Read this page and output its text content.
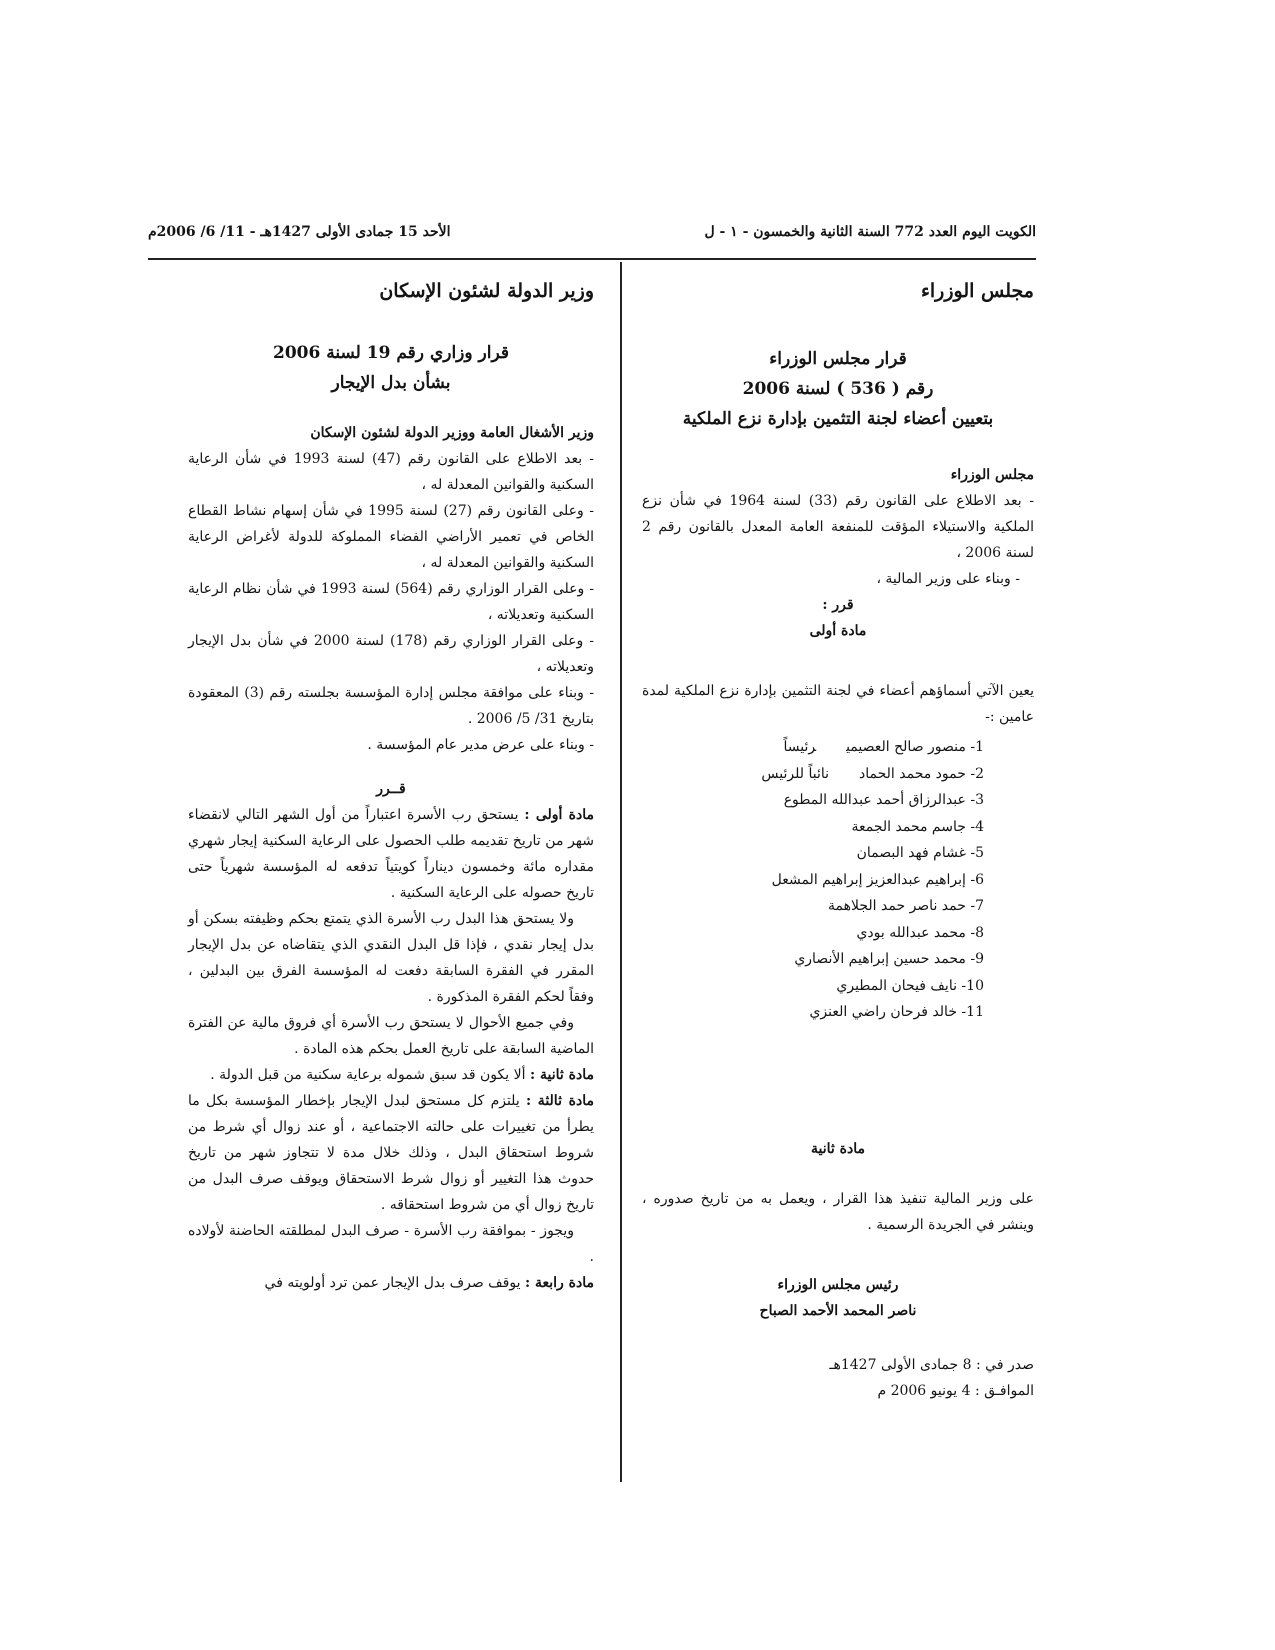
الكويت اليوم العدد 772 السنة الثانية والخمسون - ١ - ل
الأحد 15 جمادى الأولى 1427هـ - 11/ 6/ 2006م
مجلس الوزراء
قرار مجلس الوزراء
رقم ( 536 ) لسنة 2006
بتعيين أعضاء لجنة التثمين بإدارة نزع الملكية
مجلس الوزراء
- بعد الاطلاع على القانون رقم (33) لسنة 1964 في شأن نزع الملكية والاستيلاء المؤقت للمنفعة العامة المعدل بالقانون رقم 2 لسنة 2006 ،
- وبناء على وزير المالية ،
قرر :
مادة أولى
يعين الآتي أسماؤهم أعضاء في لجنة التثمين بإدارة نزع الملكية لمدة عامين :-
1- منصور صالح العصيميرئيساً
2- حمود محمد الحمادنائباً للرئيس
3- عبدالرزاق أحمد عبدالله المطوع
4- جاسم محمد الجمعة
5- غشام فهد البصمان
6- إبراهيم عبدالعزيز إبراهيم المشعل
7- حمد ناصر حمد الجلاهمة
8- محمد عبدالله بودي
9- محمد حسين إبراهيم الأنصاري
10- نايف فيحان المطيري
11- خالد فرحان راضي العنزي
مادة ثانية
على وزير المالية تنفيذ هذا القرار ، ويعمل به من تاريخ صدوره ، وينشر في الجريدة الرسمية .
رئيس مجلس الوزراء
ناصر المحمد الأحمد الصباح
صدر في : 8 جمادى الأولى 1427هـ
الموافـق : 4 يونيو 2006 م
وزير الدولة لشئون الإسكان
قرار وزاري رقم 19 لسنة 2006
بشأن بدل الإيجار
وزير الأشغال العامة ووزير الدولة لشئون الإسكان
- بعد الاطلاع على القانون رقم (47) لسنة 1993 في شأن الرعاية السكنية والقوانين المعدلة له ،
- وعلى القانون رقم (27) لسنة 1995 في شأن إسهام نشاط القطاع الخاص في تعمير الأراضي الفضاء المملوكة للدولة لأغراض الرعاية السكنية والقوانين المعدلة له ،
- وعلى القرار الوزاري رقم (564) لسنة 1993 في شأن نظام الرعاية السكنية وتعديلاته ،
- وعلى القرار الوزاري رقم (178) لسنة 2000 في شأن بدل الإيجار وتعديلاته ،
- وبناء على موافقة مجلس إدارة المؤسسة بجلسته رقم (3) المعقودة بتاريخ 31/ 5/ 2006 .
- وبناء على عرض مدير عام المؤسسة .
قــرر
مادة أولى : يستحق رب الأسرة اعتباراً من أول الشهر التالي لانقضاء شهر من تاريخ تقديمه طلب الحصول على الرعاية السكنية إيجار شهري مقداره مائة وخمسون ديناراً كويتياً تدفعه له المؤسسة شهرياً حتى تاريخ حصوله على الرعاية السكنية .
ولا يستحق هذا البدل رب الأسرة الذي يتمتع بحكم وظيفته بسكن أو بدل إيجار نقدي ، فإذا قل البدل النقدي الذي يتقاضاه عن بدل الإيجار المقرر في الفقرة السابقة دفعت له المؤسسة الفرق بين البدلين ، وفقاً لحكم الفقرة المذكورة .
وفي جميع الأحوال لا يستحق رب الأسرة أي فروق مالية عن الفترة الماضية السابقة على تاريخ العمل بحكم هذه المادة .
مادة ثانية : ألا يكون قد سبق شموله برعاية سكنية من قبل الدولة .
مادة ثالثة : يلتزم كل مستحق لبدل الإيجار بإخطار المؤسسة بكل ما يطرأ من تغييرات على حالته الاجتماعية ، أو عند زوال أي شرط من شروط استحقاق البدل ، وذلك خلال مدة لا تتجاوز شهر من تاريخ حدوث هذا التغيير أو زوال شرط الاستحقاق ويوقف صرف البدل من تاريخ زوال أي من شروط استحقاقه .
ويجوز - بموافقة رب الأسرة - صرف البدل لمطلقته الحاضنة لأولاده .
مادة رابعة : يوقف صرف بدل الإيجار عمن ترد أولويته في
